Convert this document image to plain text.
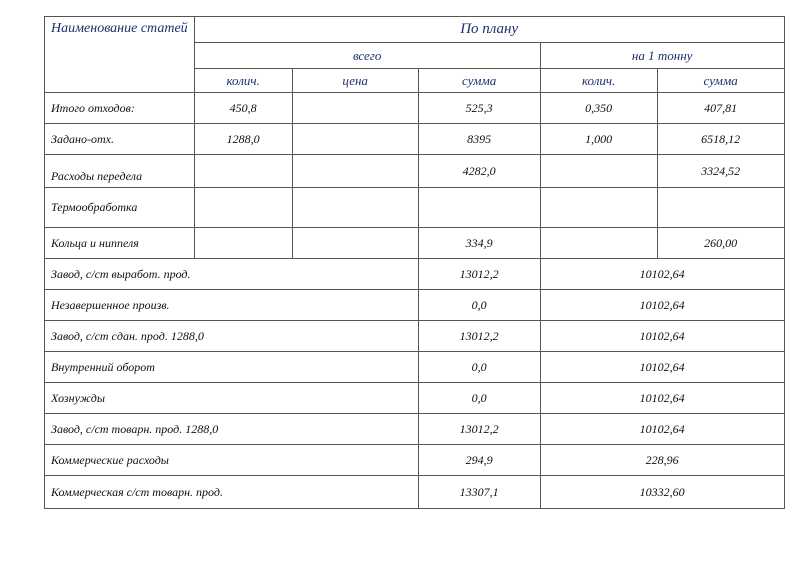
Наименование статей	По плану				
	всего			на 1 тонну	
	колич.	цена	сумма	колич.	сумма
Итого отходов:	450,8		525,3	0,350	407,81
Задано-отх.	1288,0		8395	1,000	6518,12
Расходы передела			4282,0		3324,52
Термообработка					
Кольца и ниппеля			334,9		260,00
Завод, с/ст выработ. прод.			13012,2	10102,64	
Незавершенное произв.			0,0	10102,64	
Завод, с/ст сдан. прод. 1288,0			13012,2	10102,64	
Внутренний оборот			0,0	10102,64	
Хознужды			0,0	10102,64	
Завод, с/ст товарн. прод. 1288,0			13012,2	10102,64	
Коммерческие расходы			294,9	228,96	
Коммерческая с/ст товарн. прод.			13307,1	10332,60	
